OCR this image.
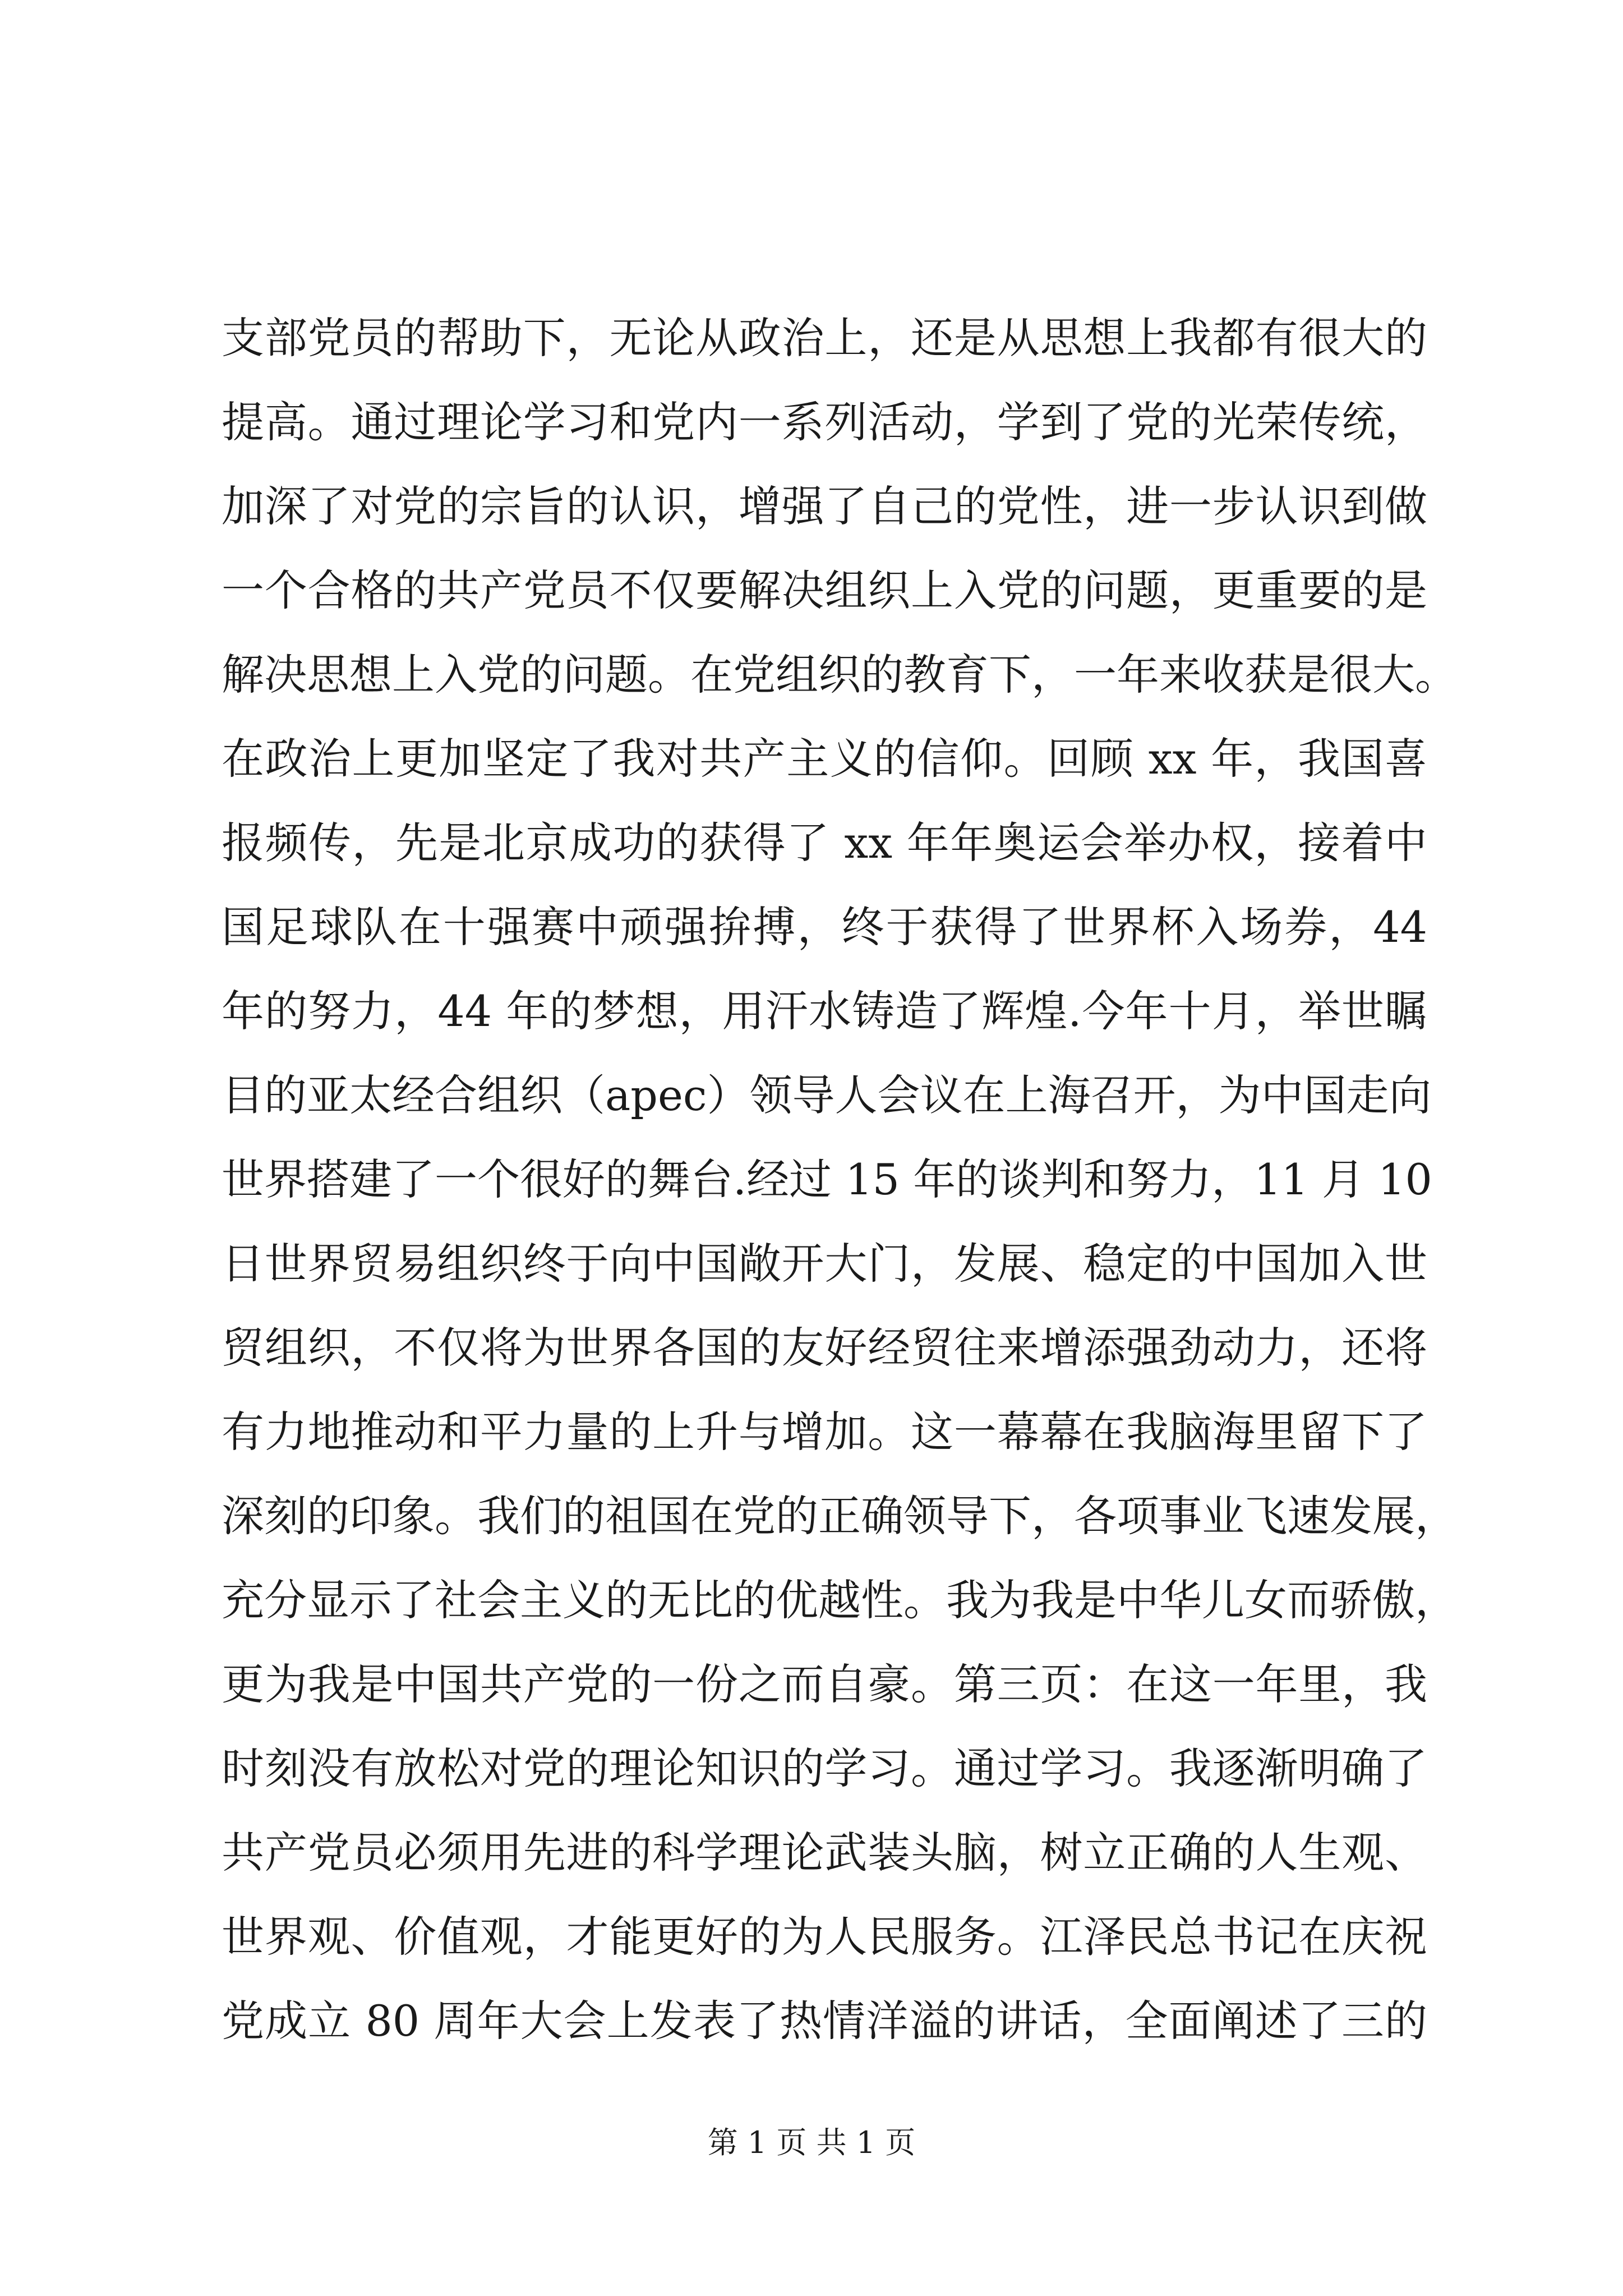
支部党员的帮助下，无论从政治上，还是从思想上我都有很大的
提高。通过理论学习和党内一系列活动，学到了党的光荣传统，
加深了对党的宗旨的认识，增强了自己的党性，进一步认识到做
一个合格的共产党员不仅要解决组织上入党的问题，更重要的是
解决思想上入党的问题。在党组织的教育下，一年来收获是很大。
在政治上更加坚定了我对共产主义的信仰。回顾 xx 年，我国喜
报频传，先是北京成功的获得了 xx 年年奥运会举办权，接着中
国足球队在十强赛中顽强拚搏，终于获得了世界杯入场券，44
年的努力，44 年的梦想，用汗水铸造了辉煌.今年十月，举世瞩
目的亚太经合组织（apec）领导人会议在上海召开，为中国走向
世界搭建了一个很好的舞台.经过 15 年的谈判和努力，11 月 10
日世界贸易组织终于向中国敞开大门，发展、稳定的中国加入世
贸组织，不仅将为世界各国的友好经贸往来增添强劲动力，还将
有力地推动和平力量的上升与增加。这一幕幕在我脑海里留下了
深刻的印象。我们的祖国在党的正确领导下，各项事业飞速发展，
充分显示了社会主义的无比的优越性。我为我是中华儿女而骄傲，
更为我是中国共产党的一份之而自豪。第三页：在这一年里，我
时刻没有放松对党的理论知识的学习。通过学习。我逐渐明确了
共产党员必须用先进的科学理论武装头脑，树立正确的人生观、
世界观、价值观，才能更好的为人民服务。江泽民总书记在庆祝
党成立 80 周年大会上发表了热情洋溢的讲话，全面阐述了三的
第 1 页 共 1 页
